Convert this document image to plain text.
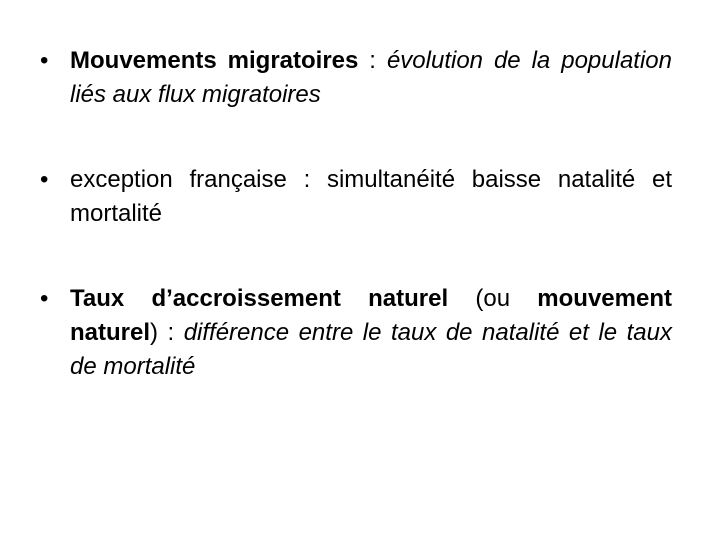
• Mouvements migratoires : évolution de la population liés aux flux migratoires
• exception française : simultanéité baisse natalité et mortalité
• Taux d’accroissement naturel (ou mouvement naturel) : différence entre le taux de natalité et le taux de mortalité
